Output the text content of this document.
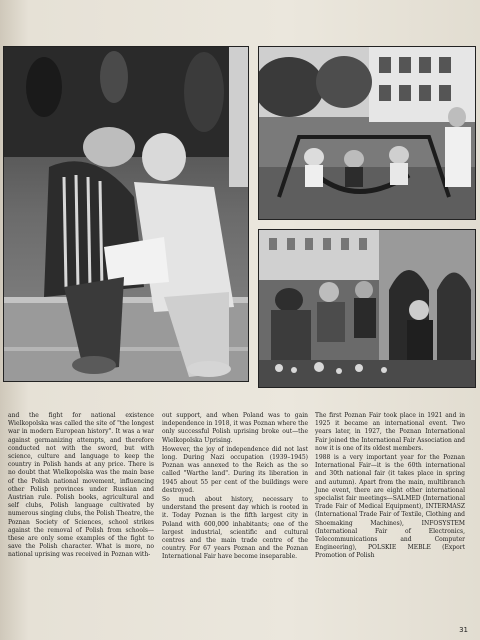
and the fight for national existence Wielkopolska was called the site of "the longest war in modern European history". It was a war against germanizing attempts, and therefore conducted not with the sword, but with science, culture and language to keep the country in Polish hands at any price. There is no doubt that Wielkopolska was the main base of the Polish national movement, influencing other Polish provinces under Russian and Austrian rule. Polish books, agricultural and self clubs, Polish language cultivated by numerous singing clubs, the Polish Theatre, the Poznan Society of Sciences, school strikes against the removal of Polish from schools—these are only some examples of the fight to save the Polish character. What is more, no national uprising was received in Poznan with-

out support, and when Poland was to gain independence in 1918, it was Poznan where the only successful Polish uprising broke out—the Wielkopolska Uprising.

However, the joy of independence did not last long. During Nazi occupation (1939–1945) Poznan was annexed to the Reich as the so called "Warthe land". During its liberation in 1945 about 55 per cent of the buildings were destroyed.

So much about history, necessary to understand the present day which is rooted in it. Today Poznan is the fifth largest city in Poland with 600,000 inhabitants; one of the largest industrial, scientific and cultural centres and the main trade centre of the country. For 67 years Poznan and the Poznan International Fair have become inseparable.

The first Poznan Fair took place in 1921 and in 1925 it became an international event. Two years later, in 1927, the Poznan International Fair joined the International Fair Association and now it is one of its oldest members.

1988 is a very important year for the Poznan International Fair—it is the 60th international and 30th national fair (it takes place in spring and autumn). Apart from the main, multibranch June event, there are eight other international specialist fair meetings—SALMED (International Trade Fair of Medical Equipment), INTERMASZ (International Trade Fair of Textile, Clothing and Shoemaking Machines), INFOSYSTEM (International Fair of Electronics, Telecommunications and Computer Engineering), POLSKIE MEBLE (Export Promotion of Polish

31
